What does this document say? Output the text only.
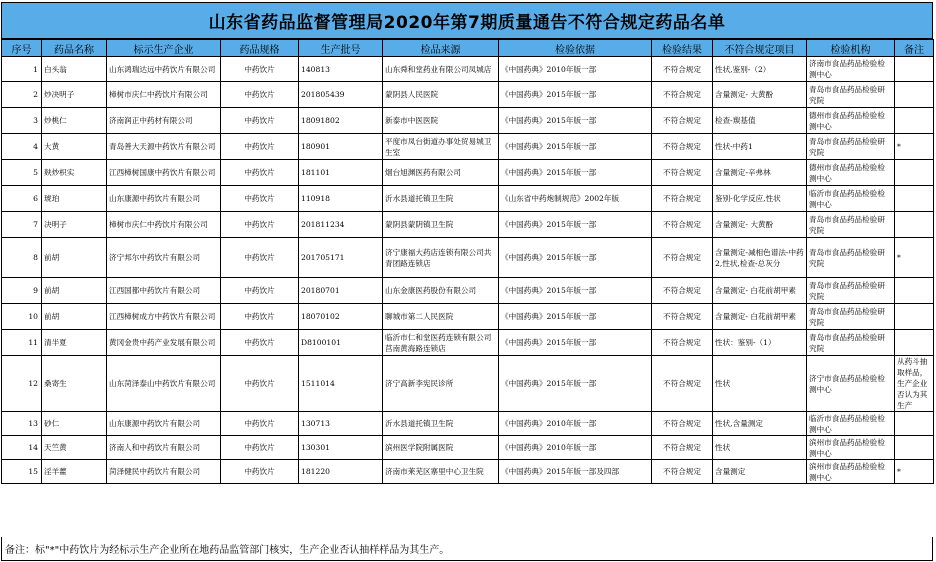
山东省药品监督管理局2020年第7期质量通告不符合规定药品名单
序号	药品名称	标示生产企业	药品规格	生产批号	检品来源	检验依据	检验结果	不符合规定项目	检验机构	备注
1	白头翁	山东鸿瑞达远中药饮片有限公司	中药饮片	140813	山东舜和堂药业有限公司凤城店	《中国药典》2010年版一部	不符合规定	性状,鉴别-（2）	济南市食品药品检验检测中心	
2	炒决明子	樟树市庆仁中药饮片有限公司	中药饮片	201805439	蒙阴县人民医院	《中国药典》2015年版一部	不符合规定	含量测定- 大黄酚	青岛市食品药品检验研究院	
3	炒桃仁	济南润正中药材有限公司	中药饮片	18091802	新泰市中医医院	《中国药典》2015年版一部	不符合规定	检查-羰基值	德州市食品药品检验检测中心	
4	大黄	青岛善大天源中药饮片有限公司	中药饮片	180901	平度市凤台街道办事处贸易城卫生室	《中国药典》2015年版一部	不符合规定	性状-中药1	青岛市食品药品检验研究院	*
5	麸炒枳实	江西樟树国康中药饮片有限公司	中药饮片	181101	烟台旭渊医药有限公司	《中国药典》2015年版一部	不符合规定	含量测定-辛弗林	德州市食品药品检验检测中心	
6	琥珀	山东康源中药饮片有限公司	中药饮片	110918	沂水县道托镇卫生院	《山东省中药炮制规范》2002年版	不符合规定	鉴别-化学反应,性状	临沂市食品药品检验检测中心	
7	决明子	樟树市庆仁中药饮片有限公司	中药饮片	201811234	蒙阴县蒙阴镇卫生院	《中国药典》2015年版一部	不符合规定	含量测定- 大黄酚	青岛市食品药品检验研究院	
8	前胡	济宁邦尔中药饮片有限公司	中药饮片	201705171	济宁康福大药店连锁有限公司共青团路连锁店	《中国药典》2015年版一部	不符合规定	含量测定-减相色谱法-中药2,性状,检查-总灰分	青岛市食品药品检验研究院	*
9	前胡	江西国都中药饮片有限公司	中药饮片	20180701	山东金康医药股份有限公司	《中国药典》2015年版一部	不符合规定	含量测定- 白花前胡甲素	青岛市食品药品检验研究院	
10	前胡	江西樟树成方中药饮片有限公司	中药饮片	18070102	聊城市第二人民医院	《中国药典》2015年版一部	不符合规定	含量测定- 白花前胡甲素	青岛市食品药品检验研究院	
11	清半夏	黄冈金贵中药产业发展有限公司	中药饮片	D8100101	临沂市仁和堂医药连锁有限公司莒南黄海路连锁店	《中国药典》2015年版一部	不符合规定	性状：鉴别-（1）	青岛市食品药品检验研究院	
12	桑寄生	山东菏泽泰山中药饮片有限公司	中药饮片	1511014	济宁高新李宪民诊所	《中国药典》2015年版一部	不符合规定	性状	济宁市食品药品检验检测中心	从药斗抽取样品，生产企业否认为其生产
13	砂仁	山东康源中药饮片有限公司	中药饮片	130713	沂水县道托镇卫生院	《中国药典》2010年版一部	不符合规定	性状,含量测定	临沂市食品药品检验检测中心	
14	天竺黄	济南人和中药饮片有限公司	中药饮片	130301	滨州医学院附属医院	《中国药典》2010年版一部	不符合规定	性状	滨州市食品药品检验检测中心	
15	淫羊藿	菏泽健民中药饮片有限公司	中药饮片	181220	济南市莱芜区寨里中心卫生院	《中国药典》2015年版一部及四部	不符合规定	含量测定	滨州市食品药品检验检测中心	*
备注：标"*"中药饮片为经标示生产企业所在地药品监管部门核实，生产企业否认抽样样品为其生产。
